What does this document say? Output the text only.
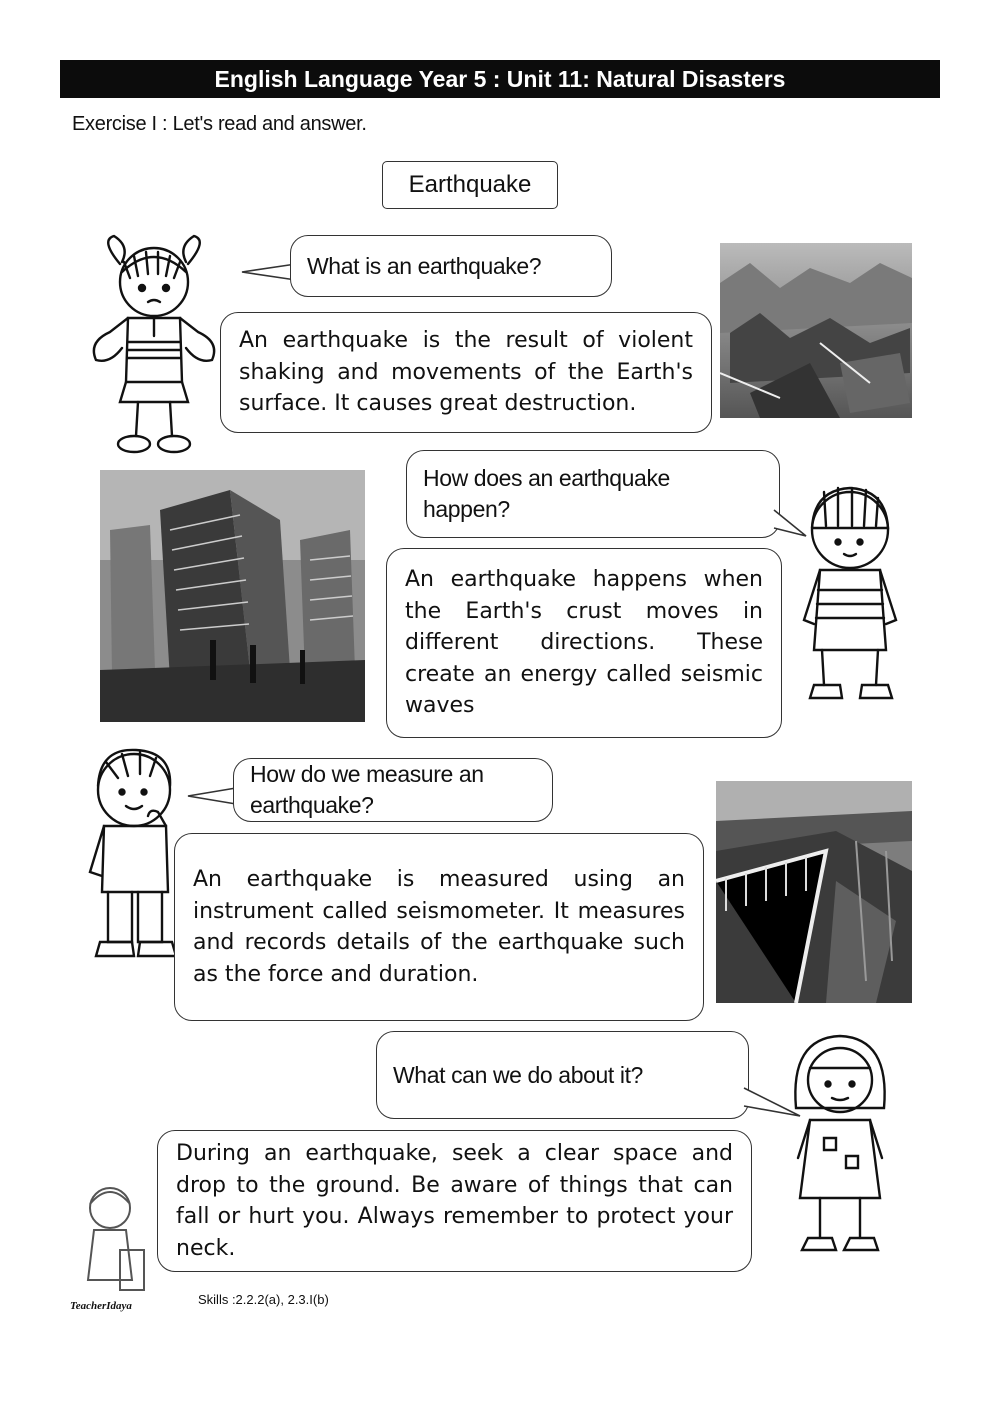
English Language Year 5 : Unit 11: Natural Disasters
Exercise I : Let's read and answer.
Earthquake
What is an earthquake?
An earthquake is the result of violent shaking and movements of the Earth's surface. It causes great destruction.
How does an earthquake happen?
An earthquake happens when the Earth's crust moves in different directions. These create an energy called seismic waves
How do we measure an earthquake?
An earthquake is measured using an instrument called seismometer. It measures and records details of the earthquake such as the force and duration.
What can we do about it?
During an earthquake, seek a clear space and drop to the ground. Be aware of things that can fall or hurt you. Always remember to protect your neck.
TeacherIdaya	Skills :2.2.2(a), 2.3.I(b)
